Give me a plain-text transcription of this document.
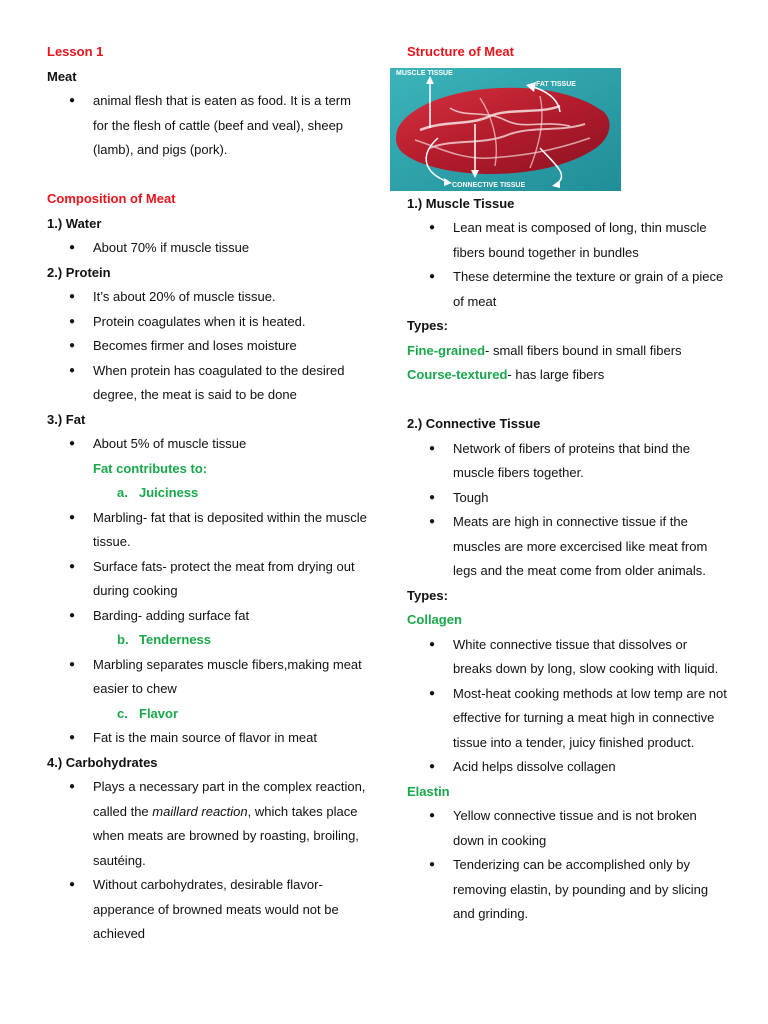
Lesson 1
Meat
● animal flesh that is eaten as food. It is a term for the flesh of cattle (beef and veal), sheep (lamb), and pigs (pork).
Composition of Meat
1.) Water
● About 70% if muscle tissue
2.) Protein
● It’s about 20% of muscle tissue.
● Protein coagulates when it is heated.
● Becomes firmer and loses moisture
● When protein has coagulated to the desired degree, the meat is said to be done
3.) Fat
● About 5% of muscle tissue
Fat contributes to:
a. Juiciness
● Marbling- fat that is deposited within the muscle tissue.
● Surface fats- protect the meat from drying out during cooking
● Barding- adding surface fat
b. Tenderness
● Marbling separates muscle fibers,making meat easier to chew
c. Flavor
● Fat is the main source of flavor in meat
4.) Carbohydrates
● Plays a necessary part in the complex reaction, called the maillard reaction, which takes place when meats are browned by roasting, broiling, sautéing.
● Without carbohydrates, desirable flavor-apperance of browned meats would not be achieved
Structure of Meat
MUSCLE TISSUE
FAT TISSUE
CONNECTIVE TISSUE
1.) Muscle Tissue
● Lean meat is composed of long, thin muscle fibers bound together in bundles
● These determine the texture or grain of a piece of meat
Types:
Fine-grained- small fibers bound in small fibers
Course-textured- has large fibers
2.) Connective Tissue
● Network of fibers of proteins that bind the muscle fibers together.
● Tough
● Meats are high in connective tissue if the muscles are more excercised like meat from legs and the meat come from older animals.
Types:
Collagen
● White connective tissue that dissolves or breaks down by long, slow cooking with liquid.
● Most-heat cooking methods at low temp are not effective for turning a meat high in connective tissue into a tender, juicy finished product.
● Acid helps dissolve collagen
Elastin
● Yellow connective tissue and is not broken down in cooking
● Tenderizing can be accomplished only by removing elastin, by pounding and by slicing and grinding.
